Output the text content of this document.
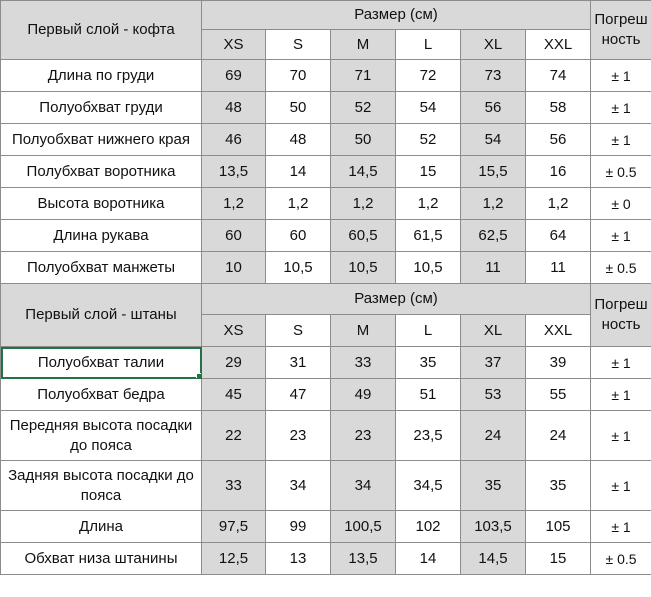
Первый слой - кофта	Размер (см)						Погреш ность
	XS	S	M	L	XL	XXL	
Длина по груди	69	70	71	72	73	74	± 1
Полуобхват груди	48	50	52	54	56	58	± 1
Полуобхват нижнего края	46	48	50	52	54	56	± 1
Полубхват воротника	13,5	14	14,5	15	15,5	16	± 0.5
Высота воротника	1,2	1,2	1,2	1,2	1,2	1,2	± 0
Длина рукава	60	60	60,5	61,5	62,5	64	± 1
Полуобхват манжеты	10	10,5	10,5	10,5	11	11	± 0.5
Первый слой - штаны	Размер (см)						Погреш ность
	XS	S	M	L	XL	XXL	
Полуобхват талии	29	31	33	35	37	39	± 1
Полуобхват бедра	45	47	49	51	53	55	± 1
Передняя высота посадки до пояса	22	23	23	23,5	24	24	± 1
Задняя высота посадки до пояса	33	34	34	34,5	35	35	± 1
Длина	97,5	99	100,5	102	103,5	105	± 1
Обхват низа штанины	12,5	13	13,5	14	14,5	15	± 0.5
